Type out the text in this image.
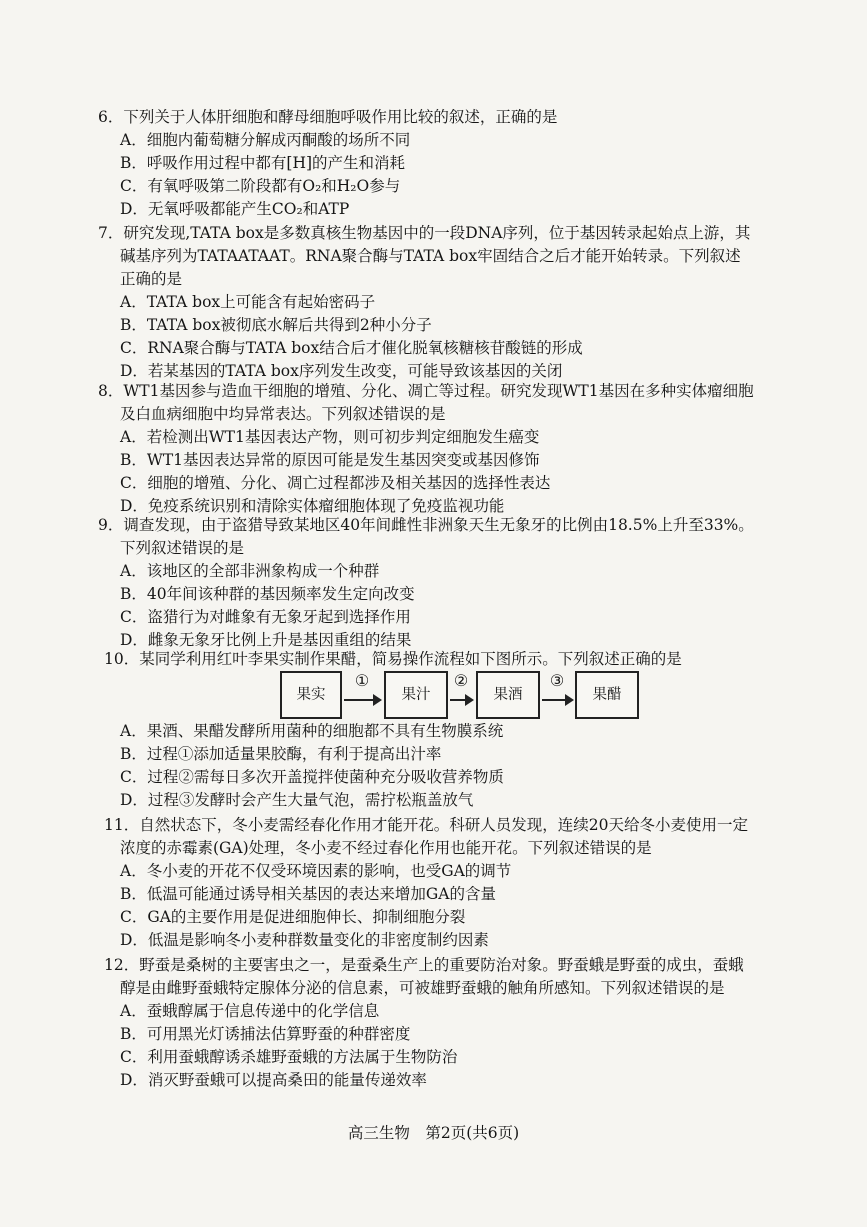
6．下列关于人体肝细胞和酵母细胞呼吸作用比较的叙述，正确的是
A．细胞内葡萄糖分解成丙酮酸的场所不同
B．呼吸作用过程中都有[H]的产生和消耗
C．有氧呼吸第二阶段都有O₂和H₂O参与
D．无氧呼吸都能产生CO₂和ATP
7．研究发现,TATA box是多数真核生物基因中的一段DNA序列，位于基因转录起始点上游，其
碱基序列为TATAATAAT。RNA聚合酶与TATA box牢固结合之后才能开始转录。下列叙述
正确的是
A．TATA box上可能含有起始密码子
B．TATA box被彻底水解后共得到2种小分子
C．RNA聚合酶与TATA box结合后才催化脱氧核糖核苷酸链的形成
D．若某基因的TATA box序列发生改变，可能导致该基因的关闭
8．WT1基因参与造血干细胞的增殖、分化、凋亡等过程。研究发现WT1基因在多种实体瘤细胞
及白血病细胞中均异常表达。下列叙述错误的是
A．若检测出WT1基因表达产物，则可初步判定细胞发生癌变
B．WT1基因表达异常的原因可能是发生基因突变或基因修饰
C．细胞的增殖、分化、凋亡过程都涉及相关基因的选择性表达
D．免疫系统识别和清除实体瘤细胞体现了免疫监视功能
9．调查发现，由于盗猎导致某地区40年间雌性非洲象天生无象牙的比例由18.5%上升至33%。
下列叙述错误的是
A．该地区的全部非洲象构成一个种群
B．40年间该种群的基因频率发生定向改变
C．盗猎行为对雌象有无象牙起到选择作用
D．雌象无象牙比例上升是基因重组的结果
10．某同学利用红叶李果实制作果醋，简易操作流程如下图所示。下列叙述正确的是
果实
①
果汁
②
果酒
③
果醋
A．果酒、果醋发酵所用菌种的细胞都不具有生物膜系统
B．过程①添加适量果胶酶，有利于提高出汁率
C．过程②需每日多次开盖搅拌使菌种充分吸收营养物质
D．过程③发酵时会产生大量气泡，需拧松瓶盖放气
11．自然状态下，冬小麦需经春化作用才能开花。科研人员发现，连续20天给冬小麦使用一定
浓度的赤霉素(GA)处理，冬小麦不经过春化作用也能开花。下列叙述错误的是
A．冬小麦的开花不仅受环境因素的影响，也受GA的调节
B．低温可能通过诱导相关基因的表达来增加GA的含量
C．GA的主要作用是促进细胞伸长、抑制细胞分裂
D．低温是影响冬小麦种群数量变化的非密度制约因素
12．野蚕是桑树的主要害虫之一，是蚕桑生产上的重要防治对象。野蚕蛾是野蚕的成虫，蚕蛾
醇是由雌野蚕蛾特定腺体分泌的信息素，可被雄野蚕蛾的触角所感知。下列叙述错误的是
A．蚕蛾醇属于信息传递中的化学信息
B．可用黑光灯诱捕法估算野蚕的种群密度
C．利用蚕蛾醇诱杀雄野蚕蛾的方法属于生物防治
D．消灭野蚕蛾可以提高桑田的能量传递效率
高三生物　第2页(共6页)
